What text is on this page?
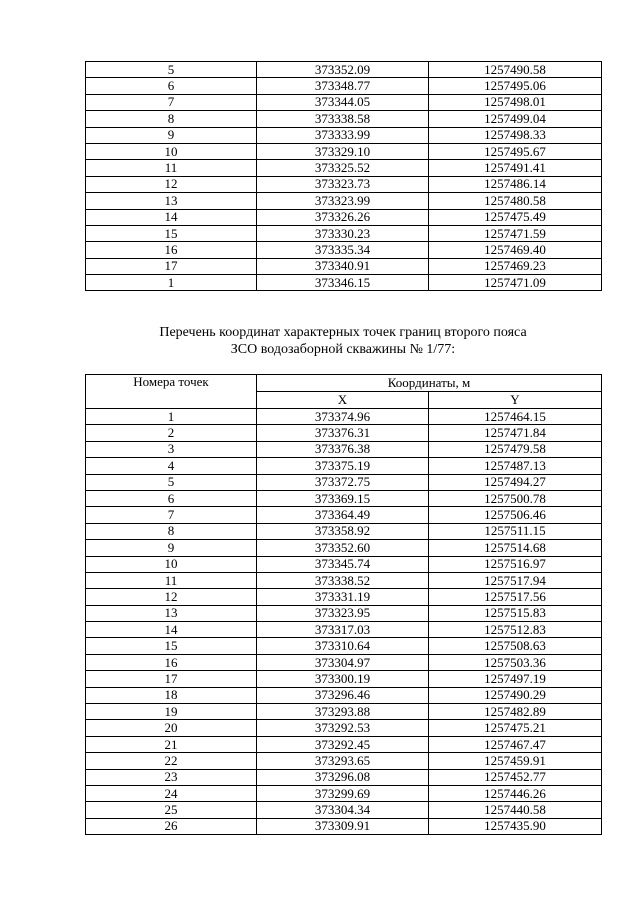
5	373352.09	1257490.58
6	373348.77	1257495.06
7	373344.05	1257498.01
8	373338.58	1257499.04
9	373333.99	1257498.33
10	373329.10	1257495.67
11	373325.52	1257491.41
12	373323.73	1257486.14
13	373323.99	1257480.58
14	373326.26	1257475.49
15	373330.23	1257471.59
16	373335.34	1257469.40
17	373340.91	1257469.23
1	373346.15	1257471.09
Перечень координат характерных точек границ второго пояса
ЗСО водозаборной скважины № 1/77:
Номера точек	Координаты, м	
	X	Y
1	373374.96	1257464.15
2	373376.31	1257471.84
3	373376.38	1257479.58
4	373375.19	1257487.13
5	373372.75	1257494.27
6	373369.15	1257500.78
7	373364.49	1257506.46
8	373358.92	1257511.15
9	373352.60	1257514.68
10	373345.74	1257516.97
11	373338.52	1257517.94
12	373331.19	1257517.56
13	373323.95	1257515.83
14	373317.03	1257512.83
15	373310.64	1257508.63
16	373304.97	1257503.36
17	373300.19	1257497.19
18	373296.46	1257490.29
19	373293.88	1257482.89
20	373292.53	1257475.21
21	373292.45	1257467.47
22	373293.65	1257459.91
23	373296.08	1257452.77
24	373299.69	1257446.26
25	373304.34	1257440.58
26	373309.91	1257435.90
